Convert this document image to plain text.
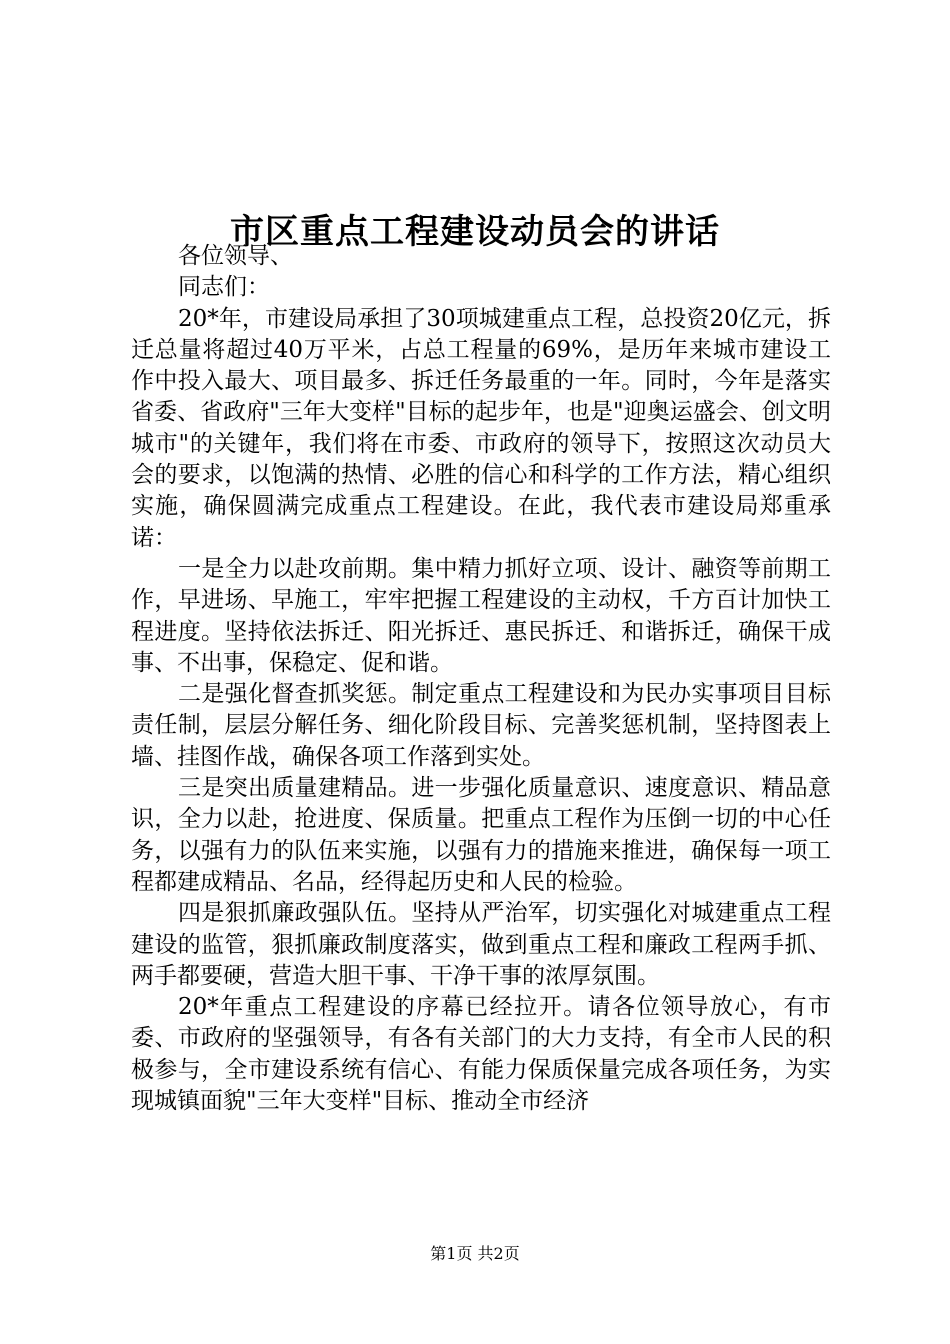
市区重点工程建设动员会的讲话

各位领导、

同志们：

20*年，市建设局承担了30项城建重点工程，总投资20亿元，拆迁总量将超过40万平米，占总工程量的69%，是历年来城市建设工作中投入最大、项目最多、拆迁任务最重的一年。同时，今年是落实省委、省政府"三年大变样"目标的起步年，也是"迎奥运盛会、创文明城市"的关键年，我们将在市委、市政府的领导下，按照这次动员大会的要求，以饱满的热情、必胜的信心和科学的工作方法，精心组织实施，确保圆满完成重点工程建设。在此，我代表市建设局郑重承诺：

一是全力以赴攻前期。集中精力抓好立项、设计、融资等前期工作，早进场、早施工，牢牢把握工程建设的主动权，千方百计加快工程进度。坚持依法拆迁、阳光拆迁、惠民拆迁、和谐拆迁，确保干成事、不出事，保稳定、促和谐。

二是强化督查抓奖惩。制定重点工程建设和为民办实事项目目标责任制，层层分解任务、细化阶段目标、完善奖惩机制，坚持图表上墙、挂图作战，确保各项工作落到实处。

三是突出质量建精品。进一步强化质量意识、速度意识、精品意识，全力以赴，抢进度、保质量。把重点工程作为压倒一切的中心任务，以强有力的队伍来实施，以强有力的措施来推进，确保每一项工程都建成精品、名品，经得起历史和人民的检验。

四是狠抓廉政强队伍。坚持从严治军，切实强化对城建重点工程建设的监管，狠抓廉政制度落实，做到重点工程和廉政工程两手抓、两手都要硬，营造大胆干事、干净干事的浓厚氛围。

20*年重点工程建设的序幕已经拉开。请各位领导放心，有市委、市政府的坚强领导，有各有关部门的大力支持，有全市人民的积极参与，全市建设系统有信心、有能力保质保量完成各项任务，为实现城镇面貌"三年大变样"目标、推动全市经济

第1页 共2页
